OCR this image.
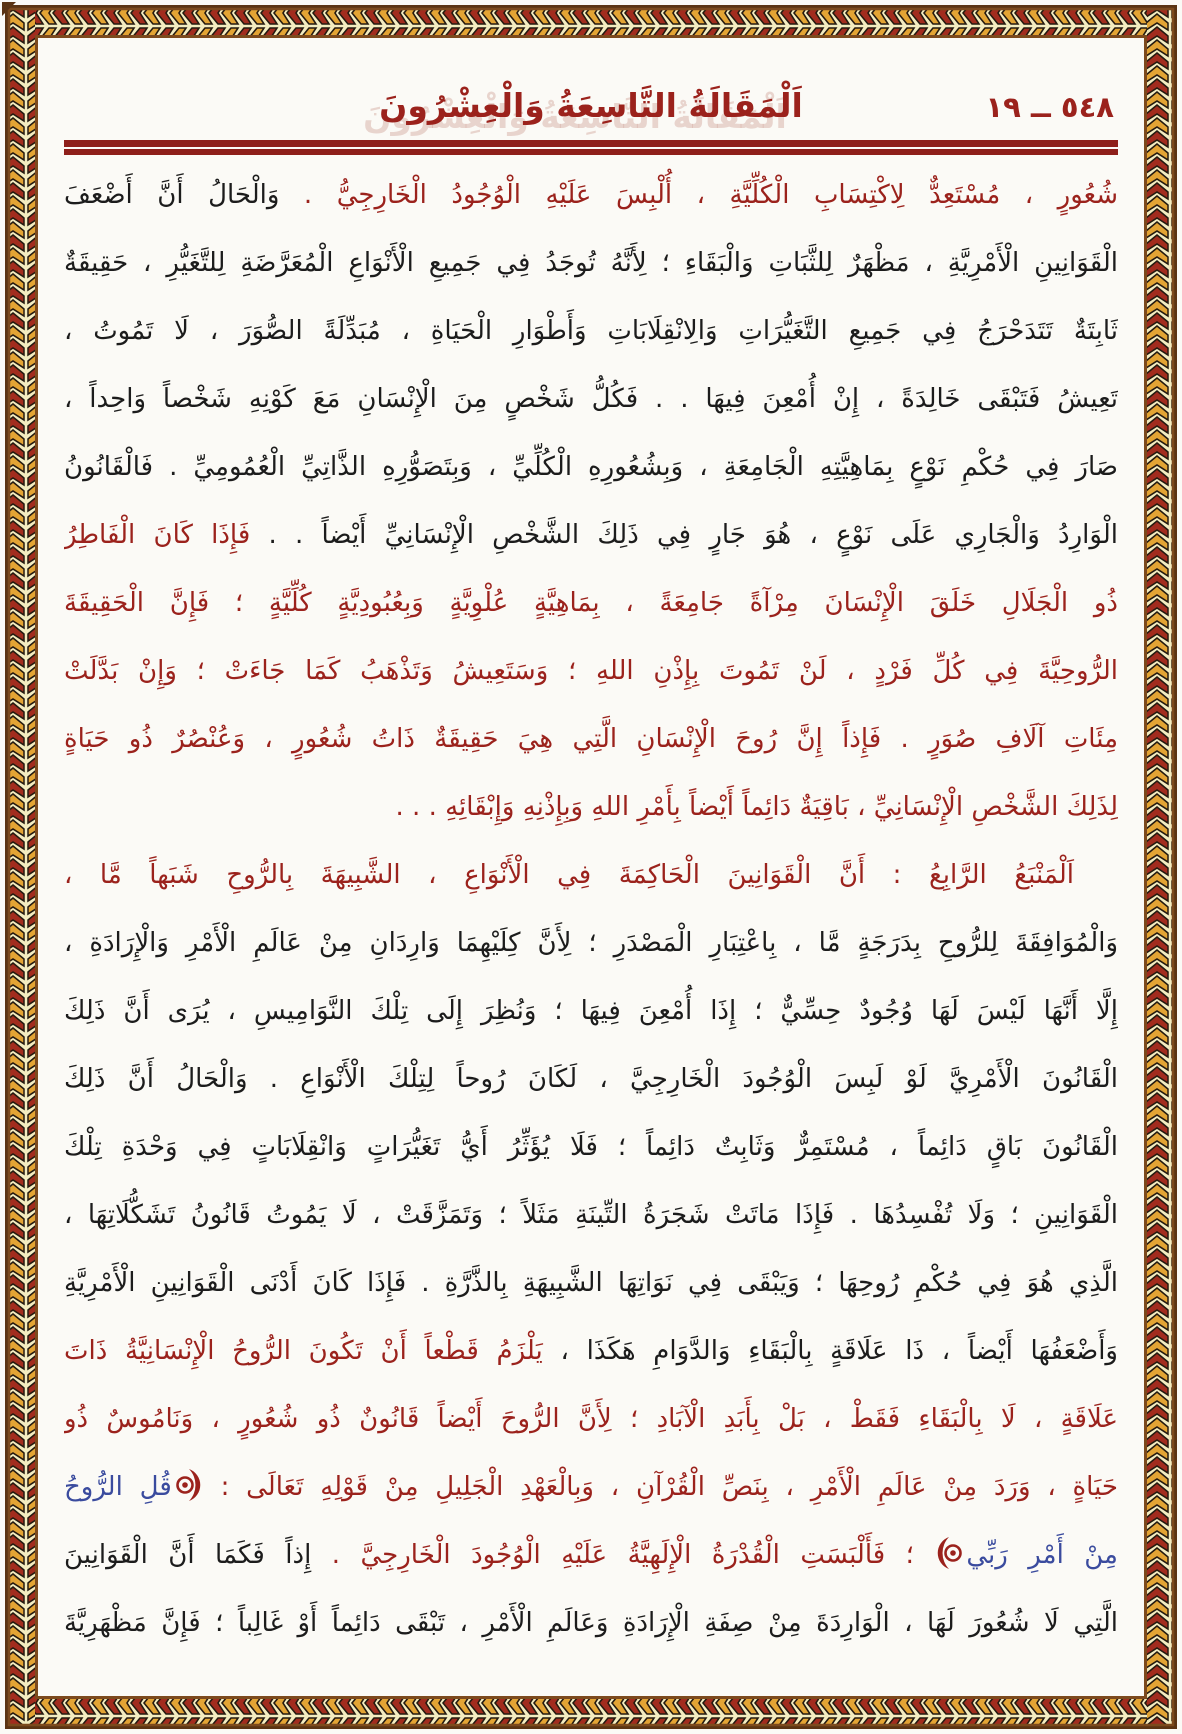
٥٤٨ ــ ١٩
اَلْمَقَالَةُ التَّاسِعَةُ وَالْعِشْرُونَ
شُعُورٍ ، مُسْتَعِدٌّ لِاكْتِسَابِ الْكُلِّيَّةِ ، أُلْبِسَ عَلَيْهِ الْوُجُودُ الْخَارِجِيُّ . وَالْحَالُ أَنَّ أَضْعَفَ
الْقَوَانِينِ الْأَمْرِيَّةِ ، مَظْهَرٌ لِلثَّبَاتِ وَالْبَقَاءِ ؛ لِأَنَّهُ تُوجَدُ فِي جَمِيعِ الْأَنْوَاعِ الْمُعَرَّضَةِ لِلتَّغَيُّرِ ، حَقِيقَةٌ
ثَابِتَةٌ تَتَدَحْرَجُ فِي جَمِيعِ التَّغَيُّرَاتِ وَالِانْقِلَابَاتِ وَأَطْوَارِ الْحَيَاةِ ، مُبَدِّلَةً الصُّوَرَ ، لَا تَمُوتُ ،
تَعِيشُ فَتَبْقَى خَالِدَةً ، إِنْ أُمْعِنَ فِيهَا . . فَكُلُّ شَخْصٍ مِنَ الْإِنْسَانِ مَعَ كَوْنِهِ شَخْصاً وَاحِداً ،
صَارَ فِي حُكْمِ نَوْعٍ بِمَاهِيَّتِهِ الْجَامِعَةِ ، وَبِشُعُورِهِ الْكُلِّيِّ ، وَبِتَصَوُّرِهِ الذَّاتِيِّ الْعُمُومِيِّ . فَالْقَانُونُ
الْوَارِدُ وَالْجَارِي عَلَى نَوْعٍ ، هُوَ جَارٍ فِي ذَلِكَ الشَّخْصِ الْإِنْسَانِيِّ أَيْضاً . . فَإِذَا كَانَ الْفَاطِرُ
ذُو الْجَلَالِ خَلَقَ الْإِنْسَانَ مِرْآةً جَامِعَةً ، بِمَاهِيَّةٍ عُلْوِيَّةٍ وَبِعُبُودِيَّةٍ كُلِّيَّةٍ ؛ فَإِنَّ الْحَقِيقَةَ
الرُّوحِيَّةَ فِي كُلِّ فَرْدٍ ، لَنْ تَمُوتَ بِإِذْنِ اللهِ ؛ وَسَتَعِيشُ وَتَذْهَبُ كَمَا جَاءَتْ ؛ وَإِنْ بَدَّلَتْ
مِئَاتِ آلَافِ صُوَرٍ . فَإِذاً إِنَّ رُوحَ الْإِنْسَانِ الَّتِي هِيَ حَقِيقَةٌ ذَاتُ شُعُورٍ ، وَعُنْصُرٌ ذُو حَيَاةٍ
لِذَلِكَ الشَّخْصِ الْإِنْسَانِيِّ ، بَاقِيَةٌ دَائِماً أَيْضاً بِأَمْرِ اللهِ وَبِإِذْنِهِ وَإِبْقَائِهِ . . .
اَلْمَنْبَعُ الرَّابِعُ : أَنَّ الْقَوَانِينَ الْحَاكِمَةَ فِي الْأَنْوَاعِ ، الشَّبِيهَةَ بِالرُّوحِ شَبَهاً مَّا ،
وَالْمُوَافِقَةَ لِلرُّوحِ بِدَرَجَةٍ مَّا ، بِاعْتِبَارِ الْمَصْدَرِ ؛ لِأَنَّ كِلَيْهِمَا وَارِدَانِ مِنْ عَالَمِ الْأَمْرِ وَالْإِرَادَةِ ،
إِلَّا أَنَّهَا لَيْسَ لَهَا وُجُودٌ حِسِّيٌّ ؛ إِذَا أُمْعِنَ فِيهَا ؛ وَنُظِرَ إِلَى تِلْكَ النَّوَامِيسِ ، يُرَى أَنَّ ذَلِكَ
الْقَانُونَ الْأَمْرِيَّ لَوْ لَبِسَ الْوُجُودَ الْخَارِجِيَّ ، لَكَانَ رُوحاً لِتِلْكَ الْأَنْوَاعِ . وَالْحَالُ أَنَّ ذَلِكَ
الْقَانُونَ بَاقٍ دَائِماً ، مُسْتَمِرٌّ وَثَابِتٌ دَائِماً ؛ فَلَا يُؤَثِّرُ أَيُّ تَغَيُّرَاتٍ وَانْقِلَابَاتٍ فِي وَحْدَةِ تِلْكَ
الْقَوَانِينِ ؛ وَلَا تُفْسِدُهَا . فَإِذَا مَاتَتْ شَجَرَةُ التِّينَةِ مَثَلاً ؛ وَتَمَزَّقَتْ ، لَا يَمُوتُ قَانُونُ تَشَكُّلَاتِهَا ،
الَّذِي هُوَ فِي حُكْمِ رُوحِهَا ؛ وَيَبْقَى فِي نَوَاتِهَا الشَّبِيهَةِ بِالذَّرَّةِ . فَإِذَا كَانَ أَدْنَى الْقَوَانِينِ الْأَمْرِيَّةِ
وَأَضْعَفُهَا أَيْضاً ، ذَا عَلَاقَةٍ بِالْبَقَاءِ وَالدَّوَامِ هَكَذَا ، يَلْزَمُ قَطْعاً أَنْ تَكُونَ الرُّوحُ الْإِنْسَانِيَّةُ ذَاتَ
عَلَاقَةٍ ، لَا بِالْبَقَاءِ فَقَطْ ، بَلْ بِأَبَدِ الْآبَادِ ؛ لِأَنَّ الرُّوحَ أَيْضاً قَانُونٌ ذُو شُعُورٍ ، وَنَامُوسٌ ذُو
حَيَاةٍ ، وَرَدَ مِنْ عَالَمِ الْأَمْرِ ، بِنَصِّ الْقُرْآنِ ، وَبِالْعَهْدِ الْجَلِيلِ مِنْ قَوْلِهِ تَعَالَى : قُلِ الرُّوحُ
مِنْ أَمْرِ رَبِّي ؛ فَأَلْبَسَتِ الْقُدْرَةُ الْإِلَهِيَّةُ عَلَيْهِ الْوُجُودَ الْخَارِجِيَّ . إِذاً فَكَمَا أَنَّ الْقَوَانِينَ
الَّتِي لَا شُعُورَ لَهَا ، الْوَارِدَةَ مِنْ صِفَةِ الْإِرَادَةِ وَعَالَمِ الْأَمْرِ ، تَبْقَى دَائِماً أَوْ غَالِباً ؛ فَإِنَّ مَظْهَرِيَّةَ
